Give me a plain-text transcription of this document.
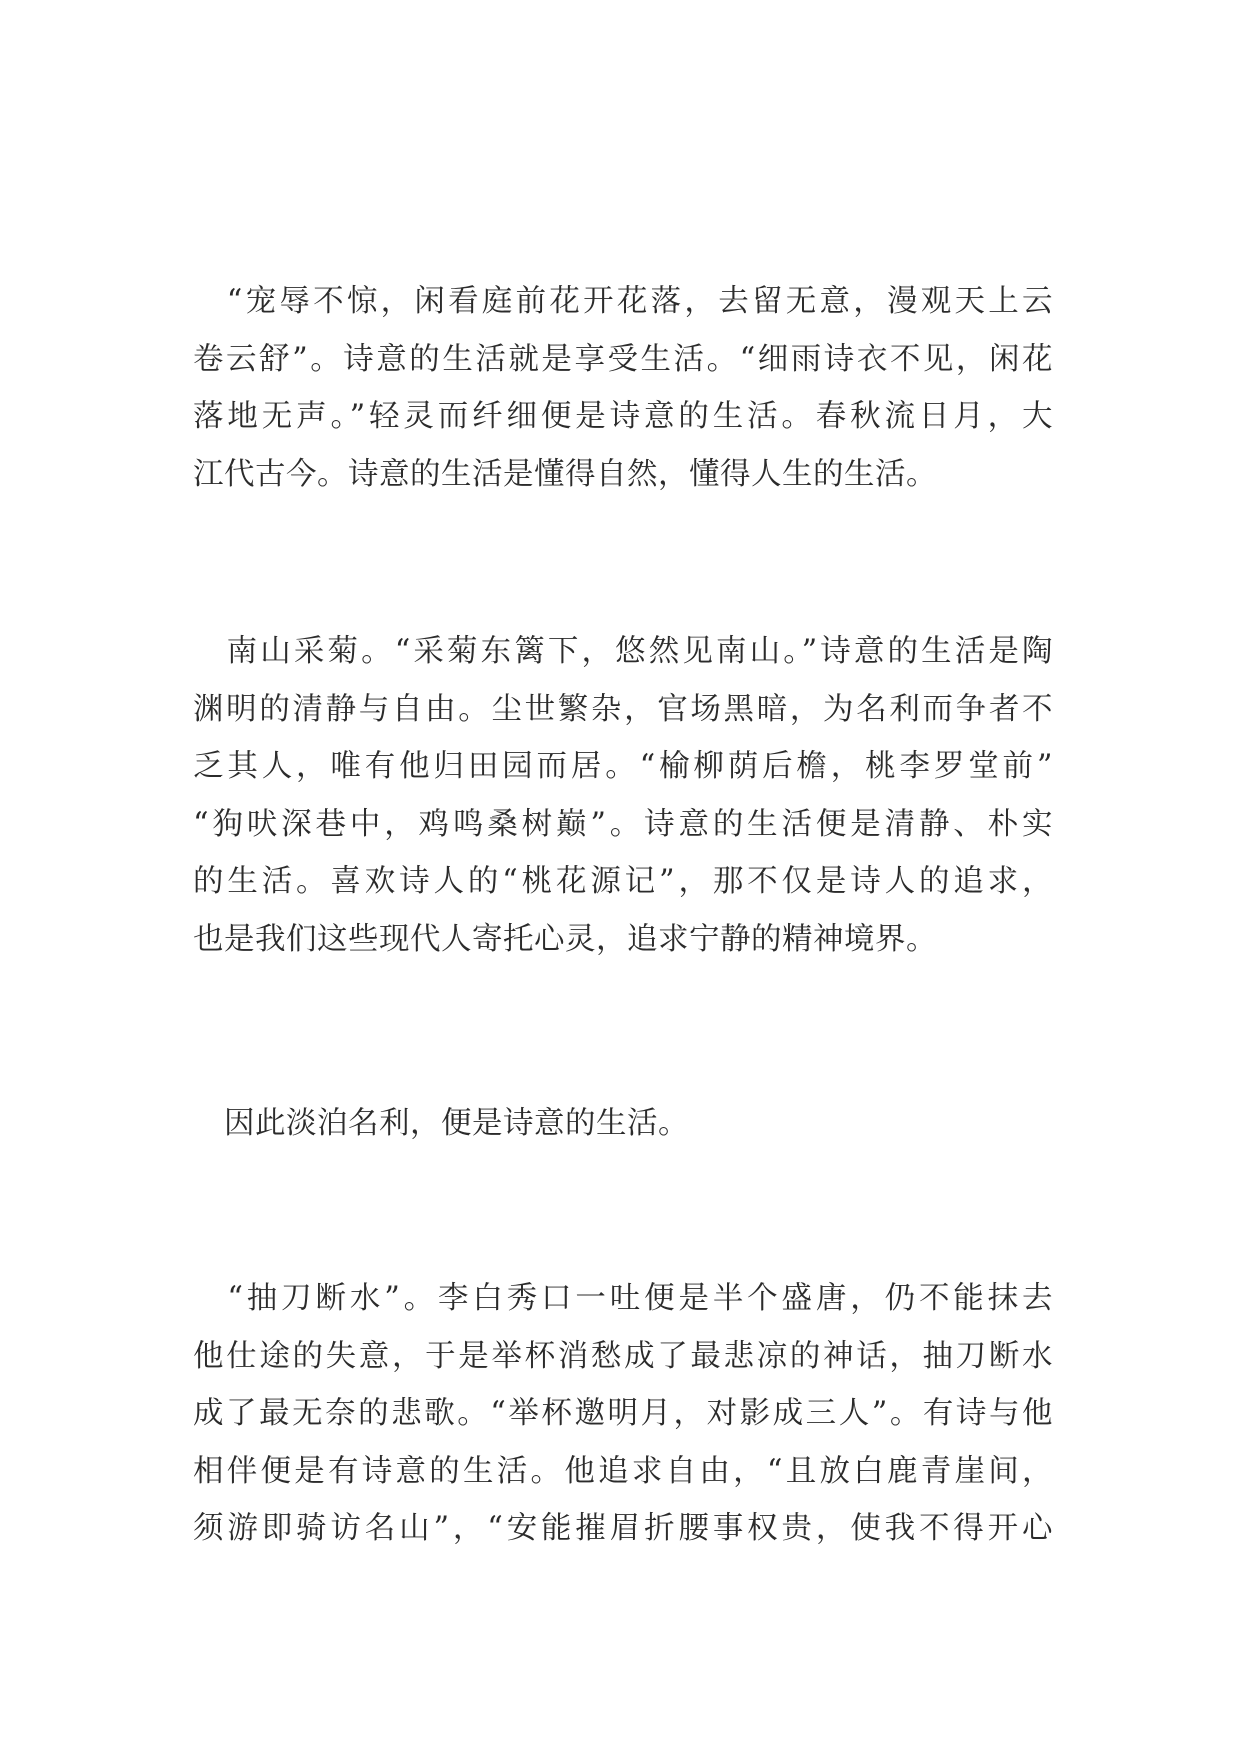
　“宠辱不惊，闲看庭前花开花落，去留无意，漫观天上云
卷云舒”。诗意的生活就是享受生活。“细雨诗衣不见，闲花
落地无声。”轻灵而纤细便是诗意的生活。春秋流日月，大
江代古今。诗意的生活是懂得自然，懂得人生的生活。
　南山采菊。“采菊东篱下，悠然见南山。”诗意的生活是陶
渊明的清静与自由。尘世繁杂，官场黑暗，为名利而争者不
乏其人，唯有他归田园而居。“榆柳荫后檐，桃李罗堂前”
“狗吠深巷中，鸡鸣桑树巅”。诗意的生活便是清静、朴实
的生活。喜欢诗人的“桃花源记”，那不仅是诗人的追求，
也是我们这些现代人寄托心灵，追求宁静的精神境界。
　因此淡泊名利，便是诗意的生活。
　“抽刀断水”。李白秀口一吐便是半个盛唐，仍不能抹去
他仕途的失意，于是举杯消愁成了最悲凉的神话，抽刀断水
成了最无奈的悲歌。“举杯邀明月，对影成三人”。有诗与他
相伴便是有诗意的生活。他追求自由，“且放白鹿青崖间，
须游即骑访名山”，“安能摧眉折腰事权贵，使我不得开心
